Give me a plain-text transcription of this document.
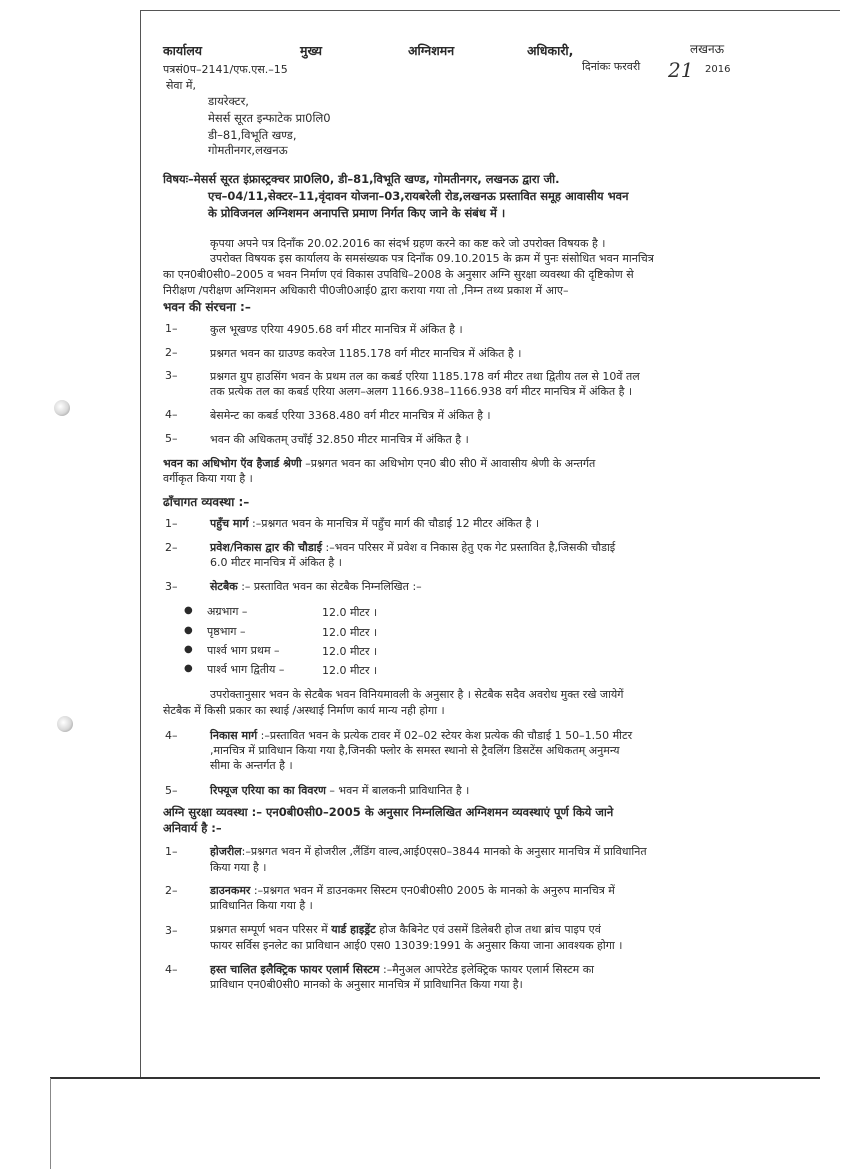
कार्यालय	मुख्य	अग्निशमन	अधिकारी,	लखनऊ
पत्रसं0प–2141/एफ.एस.–15	दिनांकः फरवरी 21 2016
सेवा में,
डायरेक्टर,
मेसर्स सूरत इन्फाटेक प्रा0लि0
डी–81,विभूति खण्ड,
गोमतीनगर,लखनऊ
विषयः–मेसर्स सूरत इंफ्रास्ट्रक्चर प्रा0लि0, डी–81,विभूति खण्ड, गोमतीनगर, लखनऊ द्वारा जी.
एच–04/11,सेक्टर–11,वृंदावन योजना–03,रायबरेली रोड,लखनऊ प्रस्तावित समूह आवासीय भवन
के प्रोविजनल अग्निशमन अनापत्ति प्रमाण निर्गत किए जाने के संबंध में ।
कृपया अपने पत्र दिनाँक 20.02.2016 का संदर्भ ग्रहण करने का कष्ट करे जो उपरोक्त विषयक है ।
उपरोक्त विषयक इस कार्यालय के समसंख्यक पत्र दिनाँक 09.10.2015 के क्रम में पुनः संसोधित भवन मानचित्र
का एन0बी0सी0–2005 व भवन निर्माण एवं विकास उपविधि–2008 के अनुसार अग्नि सुरक्षा व्यवस्था की दृष्टिकोण से
निरीक्षण /परीक्षण अग्निशमन अधिकारी पी0जी0आई0 द्वारा कराया गया तो ,निम्न तथ्य प्रकाश में आए–
भवन की संरचना :–
1–	कुल भूखण्ड एरिया 4905.68 वर्ग मीटर मानचित्र में अंकित है ।
2–	प्रश्नगत भवन का ग्राउण्ड कवरेज 1185.178 वर्ग मीटर मानचित्र में अंकित है ।
3–	प्रश्नगत ग्रुप हाउसिंग भवन के प्रथम तल का कबर्ड एरिया 1185.178 वर्ग मीटर तथा द्वितीय तल से 10वें तल
तक प्रत्येक तल का कबर्ड एरिया अलग–अलग 1166.938–1166.938 वर्ग मीटर मानचित्र में अंकित है ।
4–	बेसमेन्ट का कबर्ड एरिया 3368.480 वर्ग मीटर मानचित्र में अंकित है ।
5–	भवन की अधिकतम् उचाँई 32.850 मीटर मानचित्र में अंकित है ।
भवन का अधिभोग ऍव हैजार्ड श्रेणी –प्रश्नगत भवन का अधिभोग एन0 बी0 सी0 में आवासीय श्रेणी के अन्तर्गत
वर्गीकृत किया गया है ।
ढाँचागत व्यवस्था :–
1–	पहुँच मार्ग :–प्रश्नगत भवन के मानचित्र में पहुँच मार्ग की चौडाई 12 मीटर अंकित है ।
2–	प्रवेश/निकास द्वार की चौडाई :–भवन परिसर में प्रवेश व निकास हेतु एक गेट प्रस्तावित है,जिसकी चौडाई
6.0 मीटर मानचित्र में अंकित है ।
3–	सेटबैक :– प्रस्तावित भवन का सेटबैक निम्नलिखित :–
● अग्रभाग –	12.0 मीटर ।
● पृष्ठभाग –	12.0 मीटर ।
● पार्श्व भाग प्रथम –	12.0 मीटर ।
● पार्श्व भाग द्वितीय –	12.0 मीटर ।
उपरोक्तानुसार भवन के सेटबैक भवन विनियमावली के अनुसार है । सेटबैक सदैव अवरोध मुक्त रखे जायेगें
सेटबैक में किसी प्रकार का स्थाई /अस्थाई निर्माण कार्य मान्य नही होगा ।
4–	निकास मार्ग :–प्रस्तावित भवन के प्रत्येक टावर में 02–02 स्टेयर केश प्रत्येक की चौडाई 1 50–1.50 मीटर
,मानचित्र में प्राविधान किया गया है,जिनकी फ्लोर के समस्त स्थानो से ट्रैवलिंग डिसटेंस अधिकतम् अनुमन्य
सीमा के अन्तर्गत है ।
5–	रिफ्यूज एरिया का का विवरण – भवन में बालकनी प्राविधानित है ।
अग्नि सुरक्षा व्यवस्था :– एन0बी0सी0–2005 के अनुसार निम्नलिखित अग्निशमन व्यवस्थाएं पूर्ण किये जाने
अनिवार्य है :–
1–	होजरील:–प्रश्नगत भवन में होजरील ,लैंडिंग वाल्व,आई0एस0–3844 मानको के अनुसार मानचित्र में प्राविधानित
किया गया है ।
2–	डाउनकमर :–प्रश्नगत भवन में डाउनकमर सिस्टम एन0बी0सी0 2005 के मानको के अनुरुप मानचित्र में
प्राविधानित किया गया है ।
3–	प्रश्नगत सम्पूर्ण भवन परिसर में यार्ड हाइड्रेंट होज कैबिनेट एवं उसमें डिलेबरी होज तथा ब्रांच पाइप एवं
फायर सर्विस इनलेट का प्राविधान आई0 एस0 13039:1991 के अनुसार किया जाना आवश्यक होगा ।
4–	हस्त चालित इलैक्ट्रिक फायर एलार्म सिस्टम :–मैनुअल आपरेटेड इलेक्ट्रिक फायर एलार्म सिस्टम का
प्राविधान एन0बी0सी0 मानको के अनुसार मानचित्र में प्राविधानित किया गया है।
